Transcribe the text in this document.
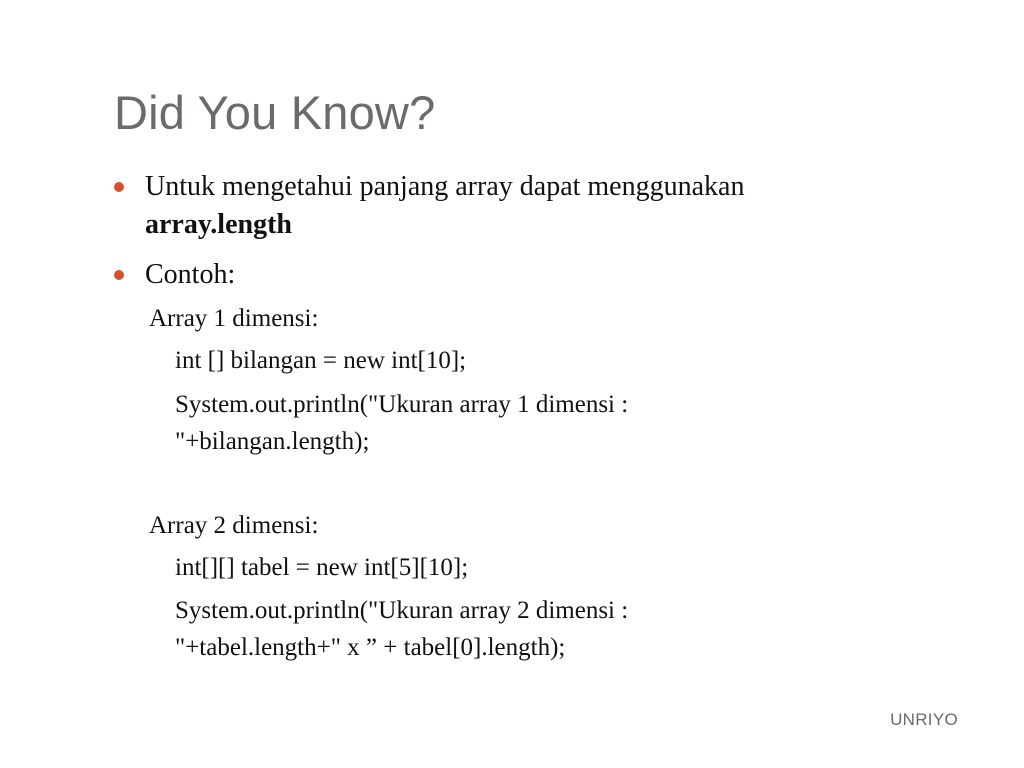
Did You Know?
Untuk mengetahui panjang array dapat menggunakan
array.length
Contoh:
Array 1 dimensi:
int [] bilangan = new int[10];
System.out.println("Ukuran array 1 dimensi :
"+bilangan.length);
Array 2 dimensi:
int[][] tabel = new int[5][10];
System.out.println("Ukuran array 2 dimensi :
"+tabel.length+" x ” + tabel[0].length);
UNRIYO
